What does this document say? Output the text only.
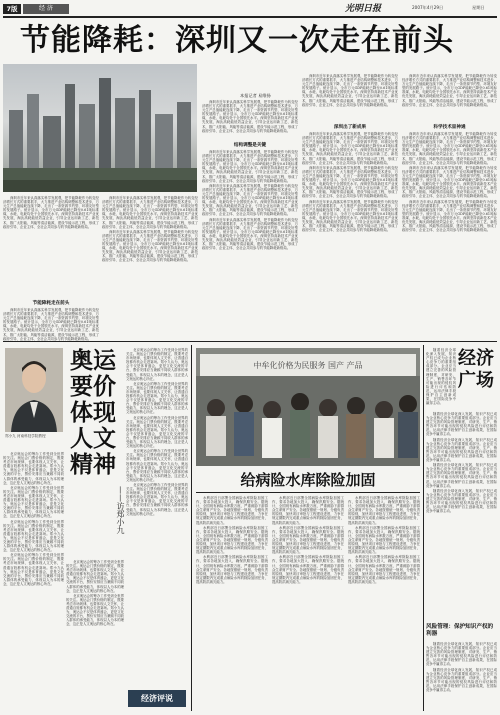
7版	经 济	光明日报	2007年4月29日	星期日
节能降耗：深圳又一次走在前头
本报记者 易维扬

深圳市近年来认真落实科学发展观，把节能降耗作为转变经济增长方式的重要抓手，大力推进产业结构调整和技术进步，万元生产总值能耗连续下降，走出了一条资源节约型、环境友好型的发展路子。统计显示，全市万元GDP能耗已降至0.61吨标准煤，水耗、电耗均处于全国领先水平。深圳坚持高新技术产业优先发展，淘汰高耗能低效益企业，引导企业运用新工艺、新技术，推广太阳能、风能等清洁能源，建设节能示范工程，形成了政府引导、企业主体、全社会共同参与的节能降耗新格局。

节能降耗走在前头

深圳市近年来认真落实科学发展观，把节能降耗作为转变经济增长方式的重要抓手，大力推进产业结构调整和技术进步，万元生产总值能耗连续下降，走出了一条资源节约型、环境友好型的发展路子。统计显示，全市万元GDP能耗已降至0.61吨标准煤，水耗、电耗均处于全国领先水平。深圳坚持高新技术产业优先发展，淘汰高耗能低效益企业，引导企业运用新工艺、新技术，推广太阳能、风能等清洁能源，建设节能示范工程，形成了政府引导、企业主体、全社会共同参与的节能降耗新格局。

深圳市近年来认真落实科学发展观，把节能降耗作为转变经济增长方式的重要抓手，大力推进产业结构调整和技术进步，万元生产总值能耗连续下降，走出了一条资源节约型、环境友好型的发展路子。统计显示，全市万元GDP能耗已降至0.61吨标准煤，水耗、电耗均处于全国领先水平。深圳坚持高新技术产业优先发展，淘汰高耗能低效益企业，引导企业运用新工艺、新技术，推广太阳能、风能等清洁能源，建设节能示范工程，形成了政府引导、企业主体、全社会共同参与的节能降耗新格局。

深圳市近年来认真落实科学发展观，把节能降耗作为转变经济增长方式的重要抓手，大力推进产业结构调整和技术进步，万元生产总值能耗连续下降，走出了一条资源节约型、环境友好型的发展路子。统计显示，全市万元GDP能耗已降至0.61吨标准煤，水耗、电耗均处于全国领先水平。深圳坚持高新技术产业优先发展，淘汰高耗能低效益企业，引导企业运用新工艺、新技术，推广太阳能、风能等清洁能源，建设节能示范工程，形成了政府引导、企业主体、全社会共同参与的节能降耗新格局。

深圳市近年来认真落实科学发展观，把节能降耗作为转变经济增长方式的重要抓手，大力推进产业结构调整和技术进步，万元生产总值能耗连续下降，走出了一条资源节约型、环境友好型的发展路子。统计显示，全市万元GDP能耗已降至0.61吨标准煤，水耗、电耗均处于全国领先水平。深圳坚持高新技术产业优先发展，淘汰高耗能低效益企业，引导企业运用新工艺、新技术，推广太阳能、风能等清洁能源，建设节能示范工程，形成了政府引导、企业主体、全社会共同参与的节能降耗新格局。

结构调整是关键

深圳市近年来认真落实科学发展观，把节能降耗作为转变经济增长方式的重要抓手，大力推进产业结构调整和技术进步，万元生产总值能耗连续下降，走出了一条资源节约型、环境友好型的发展路子。统计显示，全市万元GDP能耗已降至0.61吨标准煤，水耗、电耗均处于全国领先水平。深圳坚持高新技术产业优先发展，淘汰高耗能低效益企业，引导企业运用新工艺、新技术，推广太阳能、风能等清洁能源，建设节能示范工程，形成了政府引导、企业主体、全社会共同参与的节能降耗新格局。

深圳市近年来认真落实科学发展观，把节能降耗作为转变经济增长方式的重要抓手，大力推进产业结构调整和技术进步，万元生产总值能耗连续下降，走出了一条资源节约型、环境友好型的发展路子。统计显示，全市万元GDP能耗已降至0.61吨标准煤，水耗、电耗均处于全国领先水平。深圳坚持高新技术产业优先发展，淘汰高耗能低效益企业，引导企业运用新工艺、新技术，推广太阳能、风能等清洁能源，建设节能示范工程，形成了政府引导、企业主体、全社会共同参与的节能降耗新格局。

深圳市近年来认真落实科学发展观，把节能降耗作为转变经济增长方式的重要抓手，大力推进产业结构调整和技术进步，万元生产总值能耗连续下降，走出了一条资源节约型、环境友好型的发展路子。统计显示，全市万元GDP能耗已降至0.61吨标准煤，水耗、电耗均处于全国领先水平。深圳坚持高新技术产业优先发展，淘汰高耗能低效益企业，引导企业运用新工艺、新技术，推广太阳能、风能等清洁能源，建设节能示范工程，形成了政府引导、企业主体、全社会共同参与的节能降耗新格局。

深圳市近年来认真落实科学发展观，把节能降耗作为转变经济增长方式的重要抓手，大力推进产业结构调整和技术进步，万元生产总值能耗连续下降，走出了一条资源节约型、环境友好型的发展路子。统计显示，全市万元GDP能耗已降至0.61吨标准煤，水耗、电耗均处于全国领先水平。深圳坚持高新技术产业优先发展，淘汰高耗能低效益企业，引导企业运用新工艺、新技术，推广太阳能、风能等清洁能源，建设节能示范工程，形成了政府引导、企业主体、全社会共同参与的节能降耗新格局。

深圳出了新成果

深圳市近年来认真落实科学发展观，把节能降耗作为转变经济增长方式的重要抓手，大力推进产业结构调整和技术进步，万元生产总值能耗连续下降，走出了一条资源节约型、环境友好型的发展路子。统计显示，全市万元GDP能耗已降至0.61吨标准煤，水耗、电耗均处于全国领先水平。深圳坚持高新技术产业优先发展，淘汰高耗能低效益企业，引导企业运用新工艺、新技术，推广太阳能、风能等清洁能源，建设节能示范工程，形成了政府引导、企业主体、全社会共同参与的节能降耗新格局。

深圳市近年来认真落实科学发展观，把节能降耗作为转变经济增长方式的重要抓手，大力推进产业结构调整和技术进步，万元生产总值能耗连续下降，走出了一条资源节约型、环境友好型的发展路子。统计显示，全市万元GDP能耗已降至0.61吨标准煤，水耗、电耗均处于全国领先水平。深圳坚持高新技术产业优先发展，淘汰高耗能低效益企业，引导企业运用新工艺、新技术，推广太阳能、风能等清洁能源，建设节能示范工程，形成了政府引导、企业主体、全社会共同参与的节能降耗新格局。

深圳市近年来认真落实科学发展观，把节能降耗作为转变经济增长方式的重要抓手，大力推进产业结构调整和技术进步，万元生产总值能耗连续下降，走出了一条资源节约型、环境友好型的发展路子。统计显示，全市万元GDP能耗已降至0.61吨标准煤，水耗、电耗均处于全国领先水平。深圳坚持高新技术产业优先发展，淘汰高耗能低效益企业，引导企业运用新工艺、新技术，推广太阳能、风能等清洁能源，建设节能示范工程，形成了政府引导、企业主体、全社会共同参与的节能降耗新格局。

深圳市近年来认真落实科学发展观，把节能降耗作为转变经济增长方式的重要抓手，大力推进产业结构调整和技术进步，万元生产总值能耗连续下降，走出了一条资源节约型、环境友好型的发展路子。统计显示，全市万元GDP能耗已降至0.61吨标准煤，水耗、电耗均处于全国领先水平。深圳坚持高新技术产业优先发展，淘汰高耗能低效益企业，引导企业运用新工艺、新技术，推广太阳能、风能等清洁能源，建设节能示范工程，形成了政府引导、企业主体、全社会共同参与的节能降耗新格局。

科学技术显神通

深圳市近年来认真落实科学发展观，把节能降耗作为转变经济增长方式的重要抓手，大力推进产业结构调整和技术进步，万元生产总值能耗连续下降，走出了一条资源节约型、环境友好型的发展路子。统计显示，全市万元GDP能耗已降至0.61吨标准煤，水耗、电耗均处于全国领先水平。深圳坚持高新技术产业优先发展，淘汰高耗能低效益企业，引导企业运用新工艺、新技术，推广太阳能、风能等清洁能源，建设节能示范工程，形成了政府引导、企业主体、全社会共同参与的节能降耗新格局。

深圳市近年来认真落实科学发展观，把节能降耗作为转变经济增长方式的重要抓手，大力推进产业结构调整和技术进步，万元生产总值能耗连续下降，走出了一条资源节约型、环境友好型的发展路子。统计显示，全市万元GDP能耗已降至0.61吨标准煤，水耗、电耗均处于全国领先水平。深圳坚持高新技术产业优先发展，淘汰高耗能低效益企业，引导企业运用新工艺、新技术，推广太阳能、风能等清洁能源，建设节能示范工程，形成了政府引导、企业主体、全社会共同参与的节能降耗新格局。

深圳市近年来认真落实科学发展观，把节能降耗作为转变经济增长方式的重要抓手，大力推进产业结构调整和技术进步，万元生产总值能耗连续下降，走出了一条资源节约型、环境友好型的发展路子。统计显示，全市万元GDP能耗已降至0.61吨标准煤，水耗、电耗均处于全国领先水平。深圳坚持高新技术产业优先发展，淘汰高耗能低效益企业，引导企业运用新工艺、新技术，推广太阳能、风能等清洁能源，建设节能示范工程，形成了政府引导、企业主体、全社会共同参与的节能降耗新格局。

郑小九 河南科技学院教授
奥运要价体现人文精神
——访郑小九

北京奥运会的筹办工作受到全世界的关注。奥运会门票价格的制定，既要考虑市场规律，也要体现人文关怀，让普通百姓都有机会走进赛场。郑小九认为，奥运会不仅是体育盛会，更是文化交流的平台，票价安排应当兼顾不同收入群体的承受能力，体现以人为本的理念，这正是人文奥运的核心所在。

北京奥运会的筹办工作受到全世界的关注。奥运会门票价格的制定，既要考虑市场规律，也要体现人文关怀，让普通百姓都有机会走进赛场。郑小九认为，奥运会不仅是体育盛会，更是文化交流的平台，票价安排应当兼顾不同收入群体的承受能力，体现以人为本的理念，这正是人文奥运的核心所在。

北京奥运会的筹办工作受到全世界的关注。奥运会门票价格的制定，既要考虑市场规律，也要体现人文关怀，让普通百姓都有机会走进赛场。郑小九认为，奥运会不仅是体育盛会，更是文化交流的平台，票价安排应当兼顾不同收入群体的承受能力，体现以人为本的理念，这正是人文奥运的核心所在。

北京奥运会的筹办工作受到全世界的关注。奥运会门票价格的制定，既要考虑市场规律，也要体现人文关怀，让普通百姓都有机会走进赛场。郑小九认为，奥运会不仅是体育盛会，更是文化交流的平台，票价安排应当兼顾不同收入群体的承受能力，体现以人为本的理念，这正是人文奥运的核心所在。

北京奥运会的筹办工作受到全世界的关注。奥运会门票价格的制定，既要考虑市场规律，也要体现人文关怀，让普通百姓都有机会走进赛场。郑小九认为，奥运会不仅是体育盛会，更是文化交流的平台，票价安排应当兼顾不同收入群体的承受能力，体现以人为本的理念，这正是人文奥运的核心所在。

北京奥运会的筹办工作受到全世界的关注。奥运会门票价格的制定，既要考虑市场规律，也要体现人文关怀，让普通百姓都有机会走进赛场。郑小九认为，奥运会不仅是体育盛会，更是文化交流的平台，票价安排应当兼顾不同收入群体的承受能力，体现以人为本的理念，这正是人文奥运的核心所在。

北京奥运会的筹办工作受到全世界的关注。奥运会门票价格的制定，既要考虑市场规律，也要体现人文关怀，让普通百姓都有机会走进赛场。郑小九认为，奥运会不仅是体育盛会，更是文化交流的平台，票价安排应当兼顾不同收入群体的承受能力，体现以人为本的理念，这正是人文奥运的核心所在。

北京奥运会的筹办工作受到全世界的关注。奥运会门票价格的制定，既要考虑市场规律，也要体现人文关怀，让普通百姓都有机会走进赛场。郑小九认为，奥运会不仅是体育盛会，更是文化交流的平台，票价安排应当兼顾不同收入群体的承受能力，体现以人为本的理念，这正是人文奥运的核心所在。

北京奥运会的筹办工作受到全世界的关注。奥运会门票价格的制定，既要考虑市场规律，也要体现人文关怀，让普通百姓都有机会走进赛场。郑小九认为，奥运会不仅是体育盛会，更是文化交流的平台，票价安排应当兼顾不同收入群体的承受能力，体现以人为本的理念，这正是人文奥运的核心所在。

北京奥运会的筹办工作受到全世界的关注。奥运会门票价格的制定，既要考虑市场规律，也要体现人文关怀，让普通百姓都有机会走进赛场。郑小九认为，奥运会不仅是体育盛会，更是文化交流的平台，票价安排应当兼顾不同收入群体的承受能力，体现以人为本的理念，这正是人文奥运的核心所在。

北京奥运会的筹办工作受到全世界的关注。奥运会门票价格的制定，既要考虑市场规律，也要体现人文关怀，让普通百姓都有机会走进赛场。郑小九认为，奥运会不仅是体育盛会，更是文化交流的平台，票价安排应当兼顾不同收入群体的承受能力，体现以人为本的理念，这正是人文奥运的核心所在。

经济评说
中牟化价格为民服务 国产 产品
给病险水库除险加固

水利部近日部署全国病险水库除险加固工作，要求各地加大投入，确保汛期安全。据统计，全国现有病险水库数万座，严重威胁下游群众生命财产安全。各地按照统一规划、分级负责的原则，加快项目审批与工程建设进度，力争在规定期限内完成重点病险水库的除险加固任务，提高防洪减灾能力。

水利部近日部署全国病险水库除险加固工作，要求各地加大投入，确保汛期安全。据统计，全国现有病险水库数万座，严重威胁下游群众生命财产安全。各地按照统一规划、分级负责的原则，加快项目审批与工程建设进度，力争在规定期限内完成重点病险水库的除险加固任务，提高防洪减灾能力。

水利部近日部署全国病险水库除险加固工作，要求各地加大投入，确保汛期安全。据统计，全国现有病险水库数万座，严重威胁下游群众生命财产安全。各地按照统一规划、分级负责的原则，加快项目审批与工程建设进度，力争在规定期限内完成重点病险水库的除险加固任务，提高防洪减灾能力。

水利部近日部署全国病险水库除险加固工作，要求各地加大投入，确保汛期安全。据统计，全国现有病险水库数万座，严重威胁下游群众生命财产安全。各地按照统一规划、分级负责的原则，加快项目审批与工程建设进度，力争在规定期限内完成重点病险水库的除险加固任务，提高防洪减灾能力。

水利部近日部署全国病险水库除险加固工作，要求各地加大投入，确保汛期安全。据统计，全国现有病险水库数万座，严重威胁下游群众生命财产安全。各地按照统一规划、分级负责的原则，加快项目审批与工程建设进度，力争在规定期限内完成重点病险水库的除险加固任务，提高防洪减灾能力。

水利部近日部署全国病险水库除险加固工作，要求各地加大投入，确保汛期安全。据统计，全国现有病险水库数万座，严重威胁下游群众生命财产安全。各地按照统一规划、分级负责的原则，加快项目审批与工程建设进度，力争在规定期限内完成重点病险水库的除险加固任务，提高防洪减灾能力。

水利部近日部署全国病险水库除险加固工作，要求各地加大投入，确保汛期安全。据统计，全国现有病险水库数万座，严重威胁下游群众生命财产安全。各地按照统一规划、分级负责的原则，加快项目审批与工程建设进度，力争在规定期限内完成重点病险水库的除险加固任务，提高防洪减灾能力。

水利部近日部署全国病险水库除险加固工作，要求各地加大投入，确保汛期安全。据统计，全国现有病险水库数万座，严重威胁下游群众生命财产安全。各地按照统一规划、分级负责的原则，加快项目审批与工程建设进度，力争在规定期限内完成重点病险水库的除险加固任务，提高防洪减灾能力。

水利部近日部署全国病险水库除险加固工作，要求各地加大投入，确保汛期安全。据统计，全国现有病险水库数万座，严重威胁下游群众生命财产安全。各地按照统一规划、分级负责的原则，加快项目审批与工程建设进度，力争在规定期限内完成重点病险水库的除险加固任务，提高防洪减灾能力。

随着经济全球化深入发展，知识产权已成为企业核心竞争力的重要组成部分。企业应当建立完善的风险管理制度，对研发、生产、销售各环节可能出现的侵权风险进行评估和防范，运用法律手段保护自主创新成果，在国际竞争中赢得主动。

经济广场

随着经济全球化深入发展，知识产权已成为企业核心竞争力的重要组成部分。企业应当建立完善的风险管理制度，对研发、生产、销售各环节可能出现的侵权风险进行评估和防范，运用法律手段保护自主创新成果，在国际竞争中赢得主动。

随着经济全球化深入发展，知识产权已成为企业核心竞争力的重要组成部分。企业应当建立完善的风险管理制度，对研发、生产、销售各环节可能出现的侵权风险进行评估和防范，运用法律手段保护自主创新成果，在国际竞争中赢得主动。

随着经济全球化深入发展，知识产权已成为企业核心竞争力的重要组成部分。企业应当建立完善的风险管理制度，对研发、生产、销售各环节可能出现的侵权风险进行评估和防范，运用法律手段保护自主创新成果，在国际竞争中赢得主动。

随着经济全球化深入发展，知识产权已成为企业核心竞争力的重要组成部分。企业应当建立完善的风险管理制度，对研发、生产、销售各环节可能出现的侵权风险进行评估和防范，运用法律手段保护自主创新成果，在国际竞争中赢得主动。

风险管理：保护知识产权的利器

随着经济全球化深入发展，知识产权已成为企业核心竞争力的重要组成部分。企业应当建立完善的风险管理制度，对研发、生产、销售各环节可能出现的侵权风险进行评估和防范，运用法律手段保护自主创新成果，在国际竞争中赢得主动。

随着经济全球化深入发展，知识产权已成为企业核心竞争力的重要组成部分。企业应当建立完善的风险管理制度，对研发、生产、销售各环节可能出现的侵权风险进行评估和防范，运用法律手段保护自主创新成果，在国际竞争中赢得主动。
